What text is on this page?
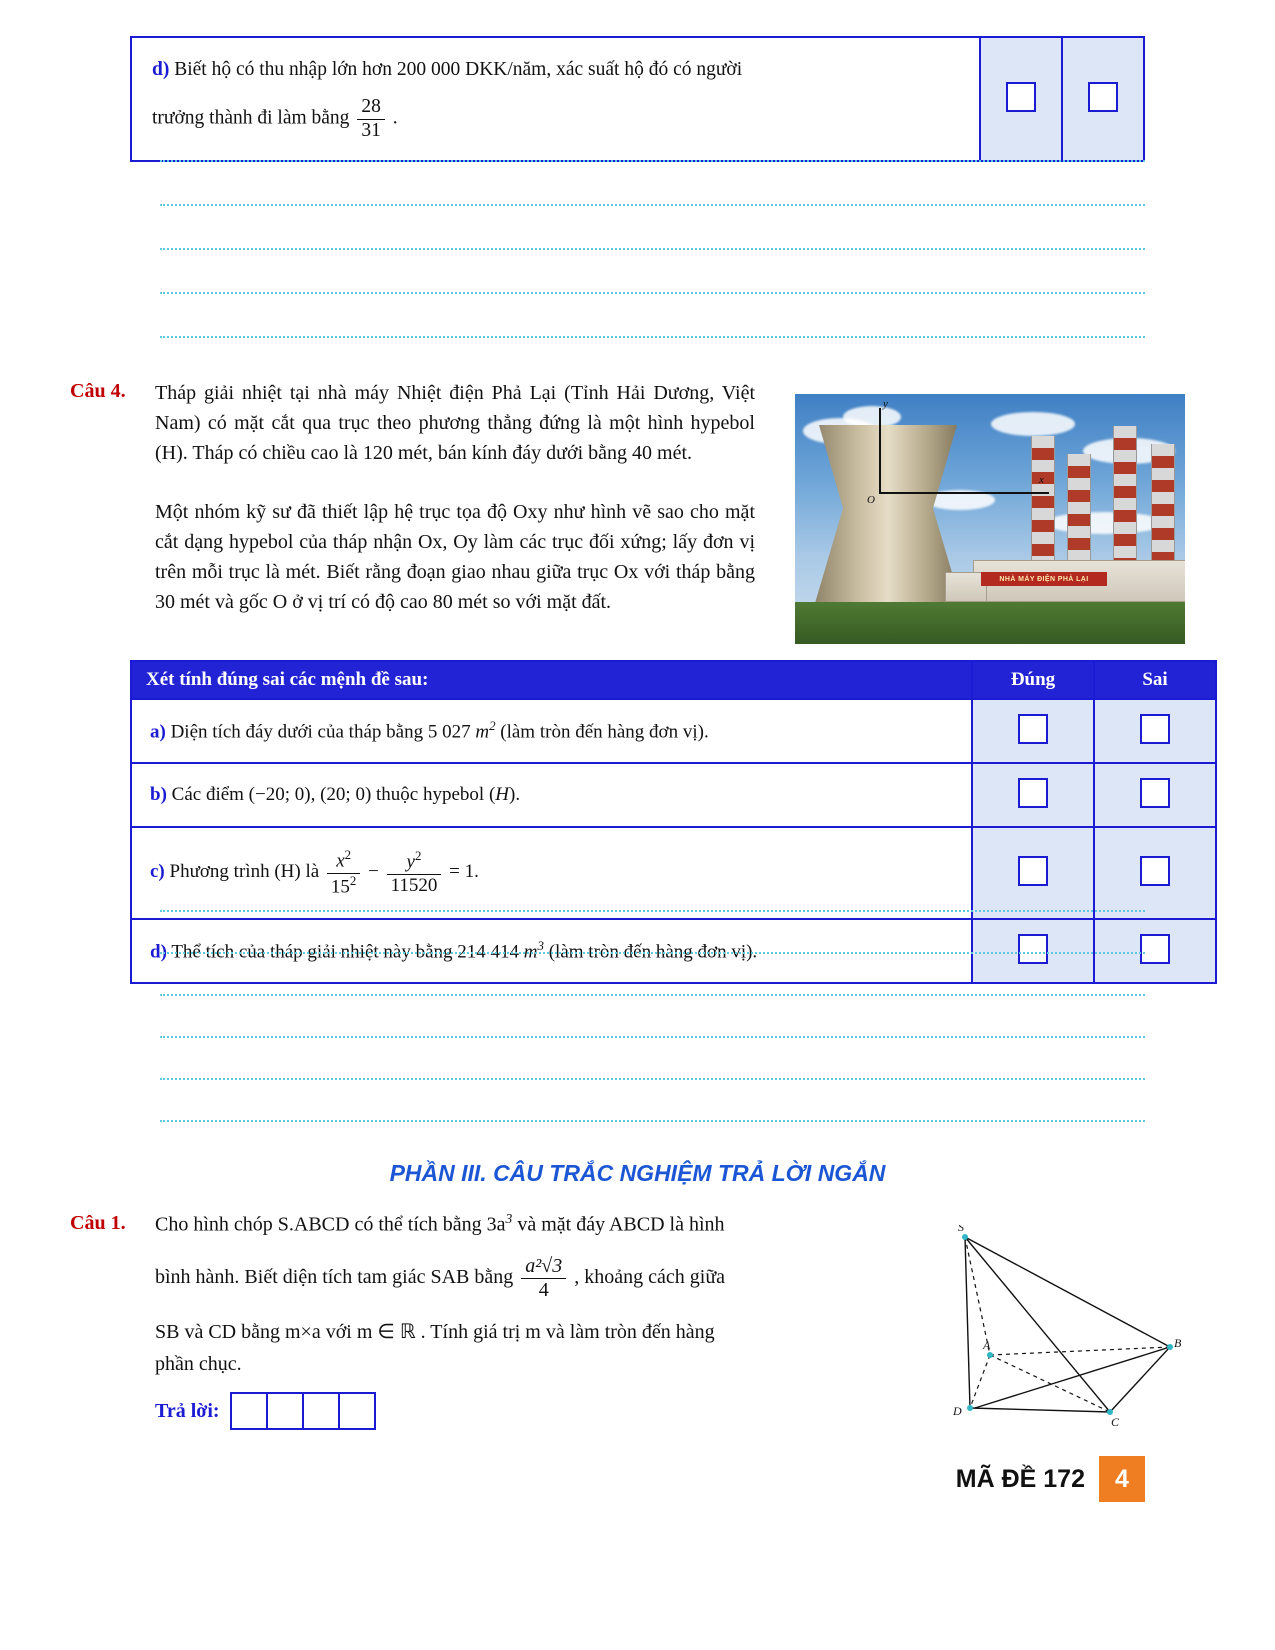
d) Biết hộ có thu nhập lớn hơn 200 000 DKK/năm, xác suất hộ đó có người
trưởng thành đi làm bằng $\frac{28}{31}$ .

Câu 4.	Tháp giải nhiệt tại nhà máy Nhiệt điện Phả Lại (Tỉnh Hải Dương, Việt Nam) có mặt cắt qua trục theo phương thẳng đứng là một hình hypebol (H). Tháp có chiều cao là 120 mét, bán kính đáy dưới bằng 40 mét.
Một nhóm kỹ sư đã thiết lập hệ trục tọa độ Oxy như hình vẽ sao cho mặt cắt dạng hypebol của tháp nhận Ox, Oy làm các trục đối xứng; lấy đơn vị trên mỗi trục là mét. Biết rằng đoạn giao nhau giữa trục Ox với tháp bằng 30 mét và gốc O ở vị trí có độ cao 80 mét so với mặt đất.
NHÀ MÁY ĐIỆN PHẢ LẠI
y
x
O
Xét tính đúng sai các mệnh đề sau:	Đúng	Sai
a) Diện tích đáy dưới của tháp bằng 5 027 $m^2$ (làm tròn đến hàng đơn vị).		
b) Các điểm (−20; 0), (20; 0) thuộc hypebol (H).		
c) Phương trình (H) là $\frac{x^2}{15^2} - \frac{y^2}{11520} = 1$.		
d) Thể tích của tháp giải nhiệt này bằng 214 414 $m^3$ (làm tròn đến hàng đơn vị).		
PHẦN III. CÂU TRẮC NGHIỆM TRẢ LỜI NGẮN
Câu 1.	Cho hình chóp S.ABCD có thể tích bằng $3a^3$ và mặt đáy ABCD là hình
bình hành. Biết diện tích tam giác SAB bằng $\frac{\text{a²√3}}{4}$ , khoảng cách giữa
SB và CD bằng m×a với m ∈ ℝ . Tính giá trị m và làm tròn đến hàng
phần chục.
Trả lời:
S
A	B
C
D
MÃ ĐỀ 172	4
